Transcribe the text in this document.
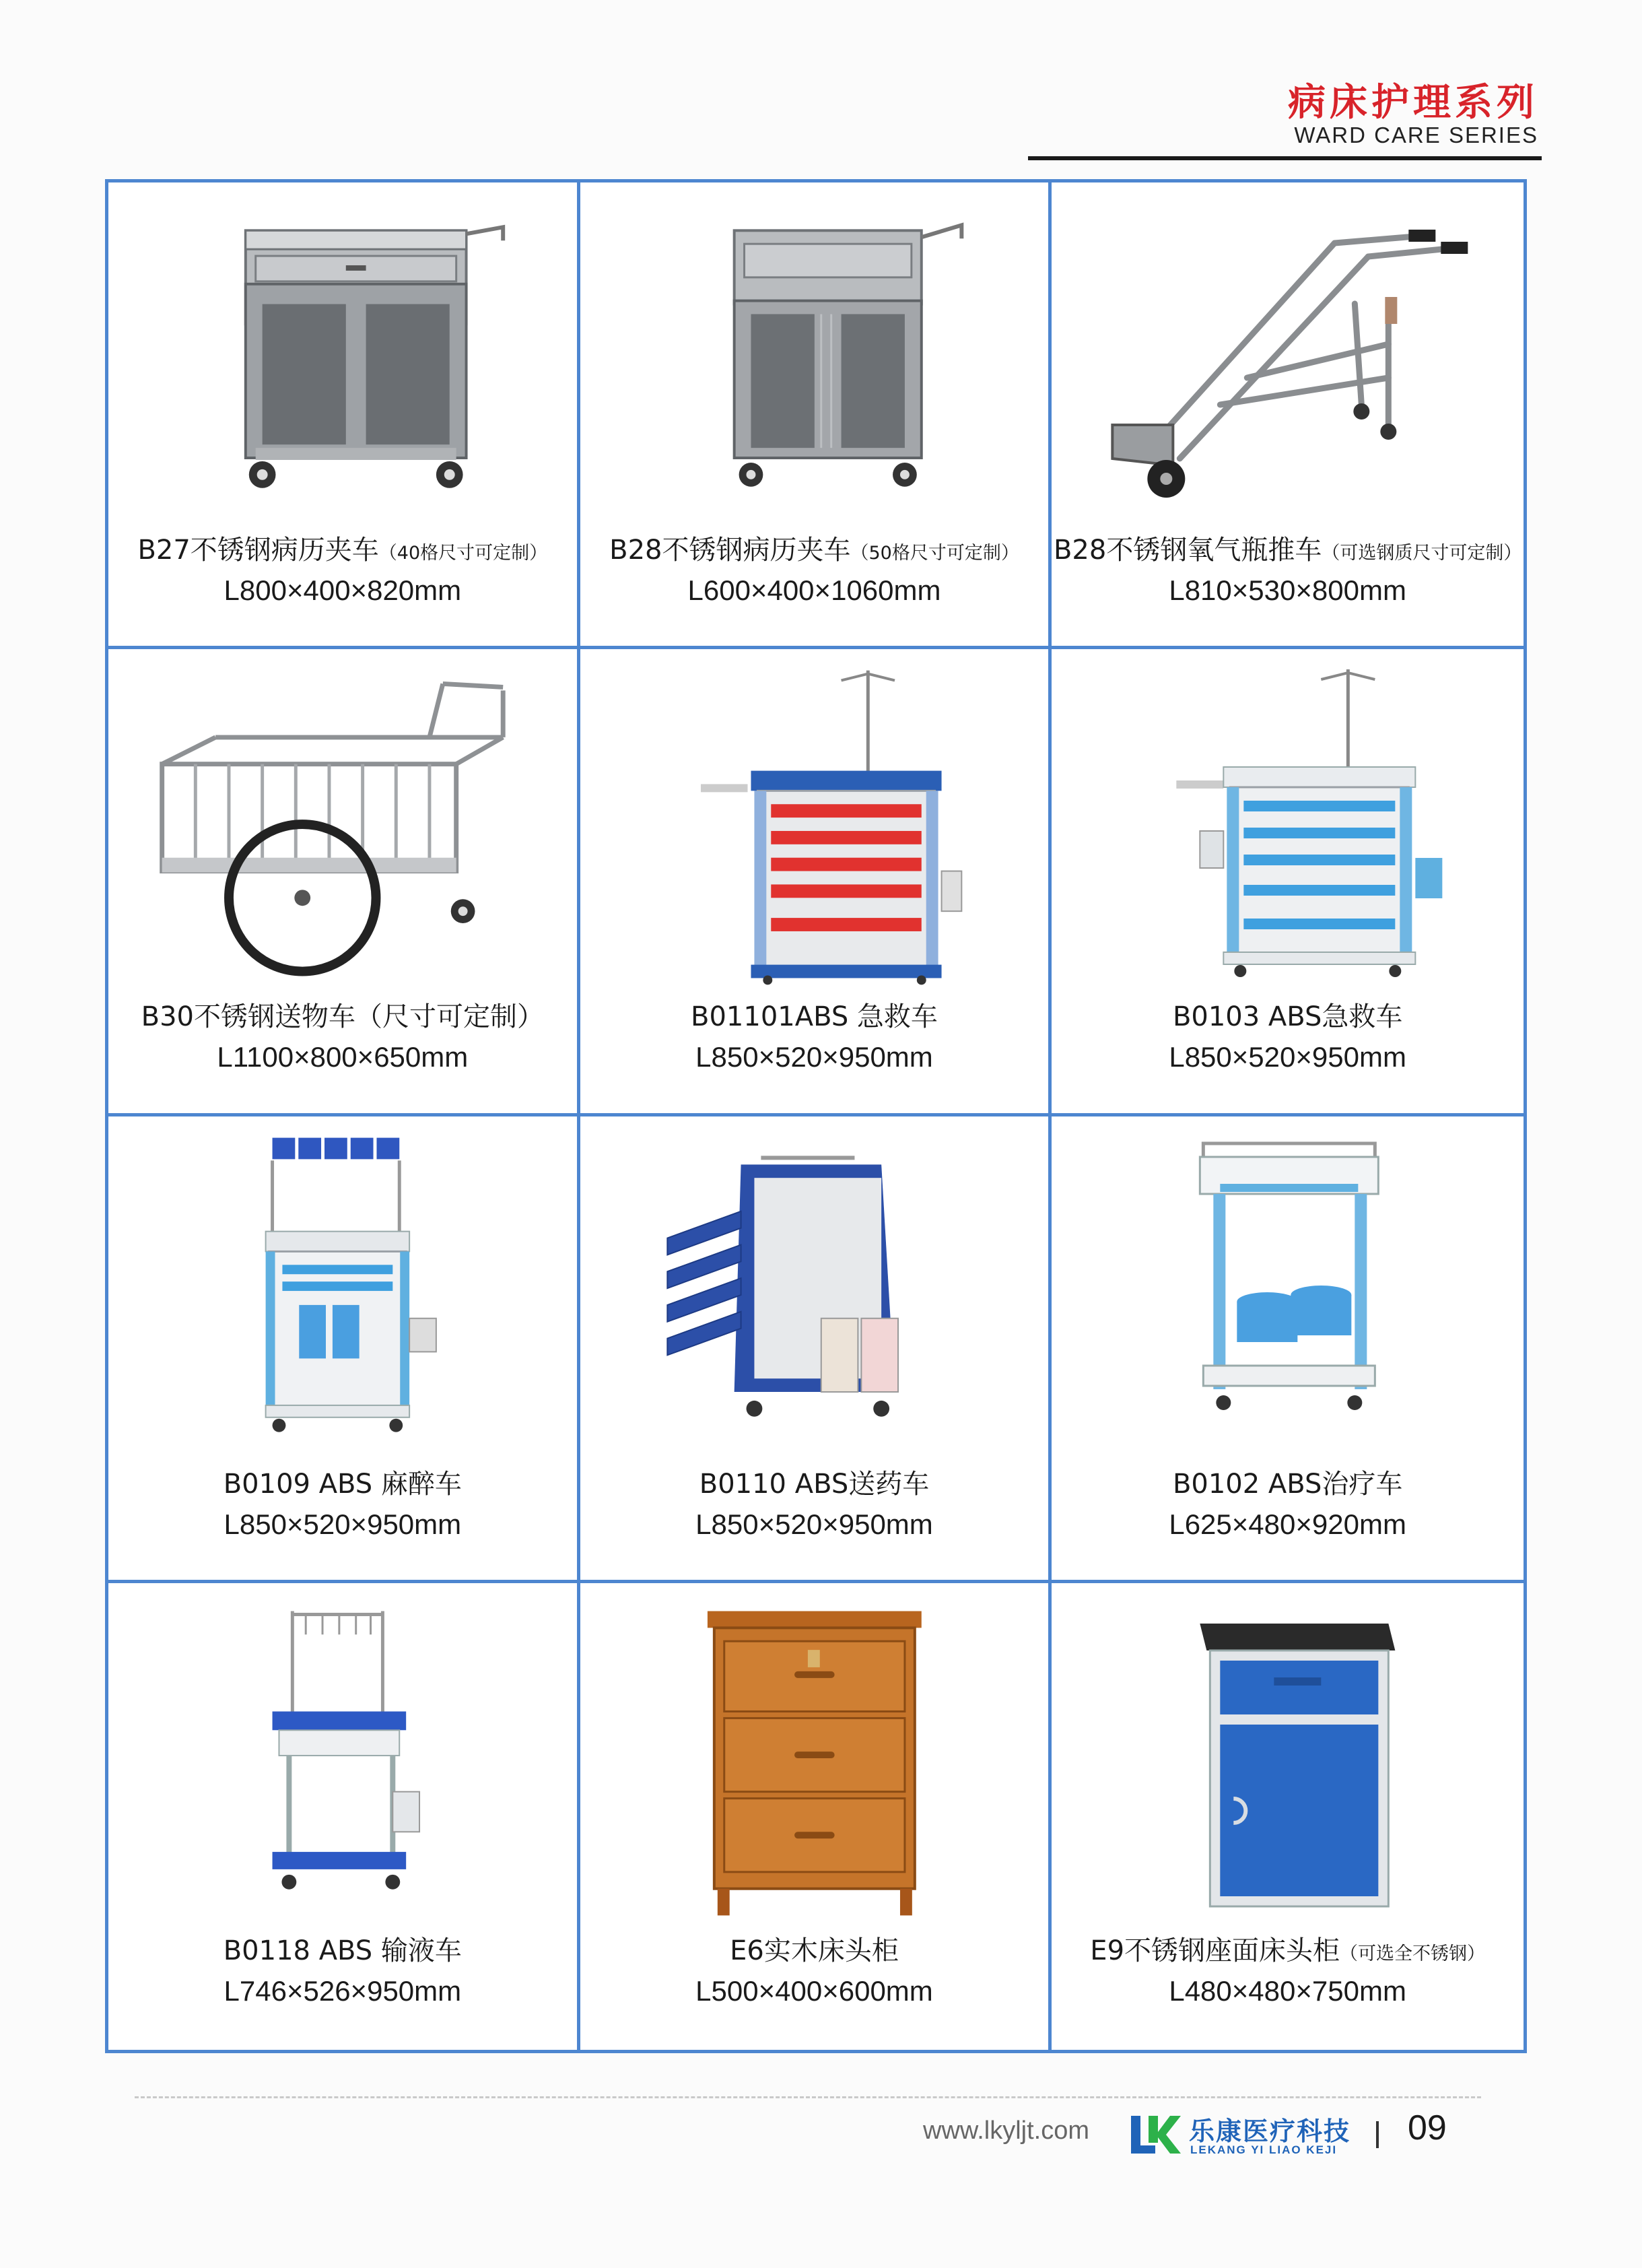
病床护理系列
WARD CARE SERIES
B27不锈钢病历夹车（40格尺寸可定制）
L800×400×820mm
B28不锈钢病历夹车（50格尺寸可定制）
L600×400×1060mm
B28不锈钢氧气瓶推车（可选钢质尺寸可定制）
L810×530×800mm
B30不锈钢送物车（尺寸可定制）
L1100×800×650mm
B01101ABS 急救车
L850×520×950mm
B0103 ABS急救车
L850×520×950mm
B0109 ABS 麻醉车
L850×520×950mm
B0110 ABS送药车
L850×520×950mm
B0102 ABS治疗车
L625×480×920mm
B0118 ABS 输液车
L746×526×950mm
E6实木床头柜
L500×400×600mm
E9不锈钢座面床头柜（可选全不锈钢）
L480×480×750mm
www.lkyljt.com	乐康医疗科技
LEKANG YI LIAO KEJI
09
